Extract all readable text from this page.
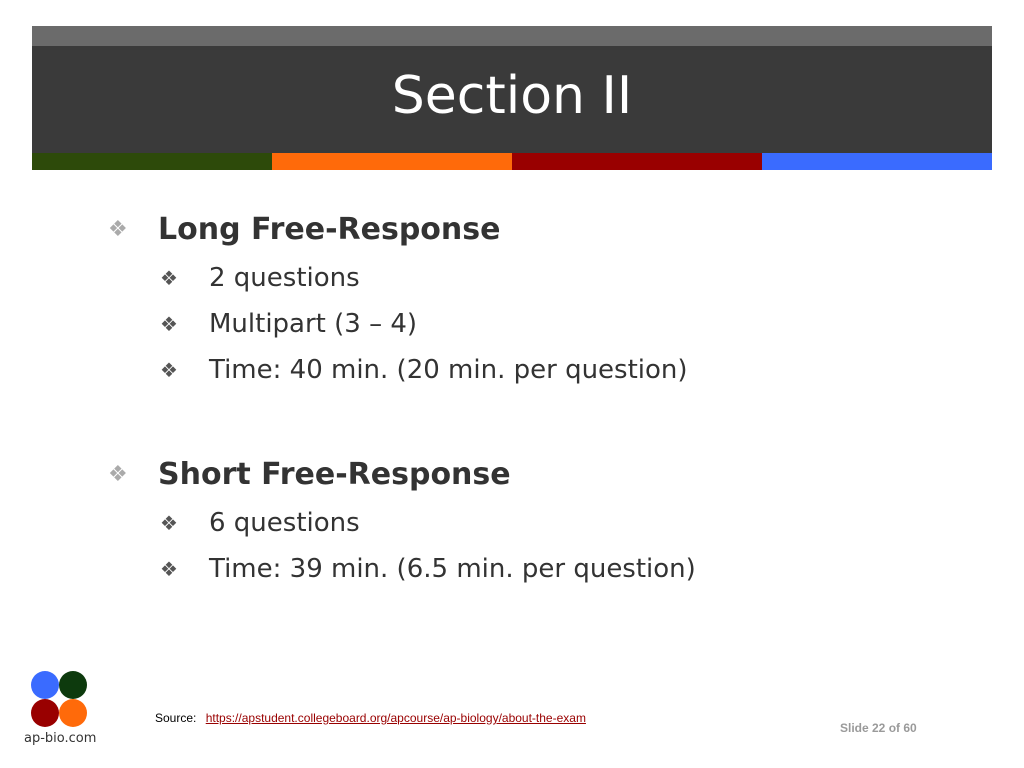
Section II
❖	Long Free-Response
❖	2 questions
❖	Multipart (3 – 4)
❖	Time: 40 min. (20 min. per question)
❖	Short Free-Response
❖	6 questions
❖	Time: 39 min. (6.5 min. per question)
ap-bio.com
Source: https://apstudent.collegeboard.org/apcourse/ap-biology/about-the-exam
Slide 22 of 60
